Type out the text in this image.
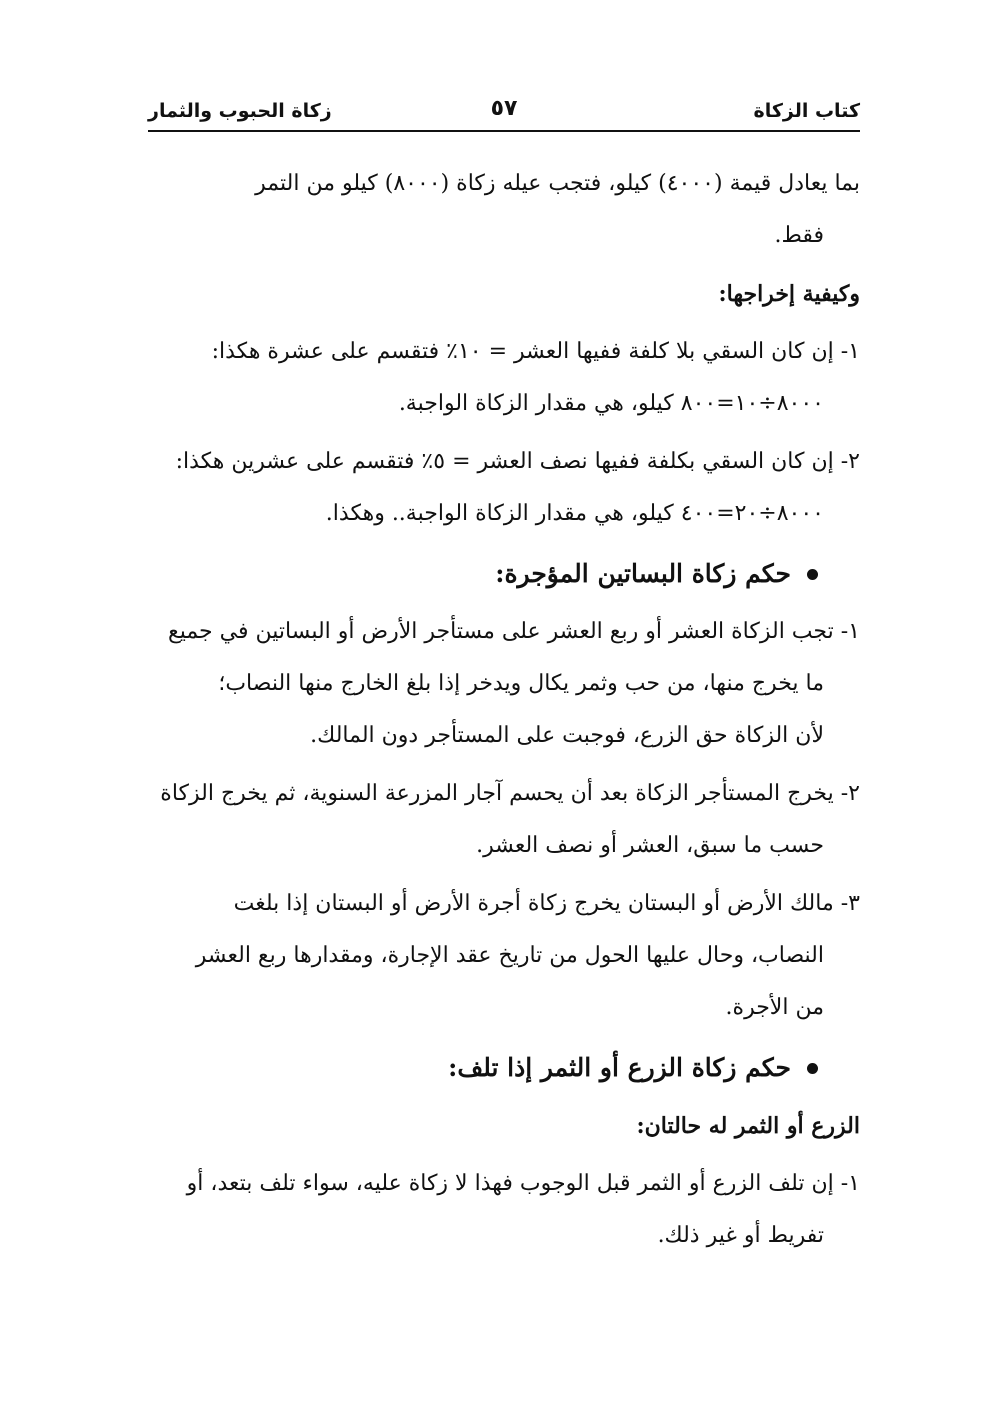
كتاب الزكاة
٥٧
زكاة الحبوب والثمار
بما يعادل قيمة (٤٠٠٠) كيلو، فتجب عيله زكاة (٨٠٠٠) كيلو من التمر
فقط.
وكيفية إخراجها:
١- إن كان السقي بلا كلفة ففيها العشر = ١٠٪ فتقسم على عشرة هكذا:
٨٠٠٠÷١٠=٨٠٠ كيلو، هي مقدار الزكاة الواجبة.
٢- إن كان السقي بكلفة ففيها نصف العشر = ٥٪ فتقسم على عشرين هكذا:
٨٠٠٠÷٢٠=٤٠٠ كيلو، هي مقدار الزكاة الواجبة.. وهكذا.
حكم زكاة البساتين المؤجرة:
١- تجب الزكاة العشر أو ربع العشر على مستأجر الأرض أو البساتين في جميع
ما يخرج منها، من حب وثمر يكال ويدخر إذا بلغ الخارج منها النصاب؛
لأن الزكاة حق الزرع، فوجبت على المستأجر دون المالك.
٢- يخرج المستأجر الزكاة بعد أن يحسم آجار المزرعة السنوية، ثم يخرج الزكاة
حسب ما سبق، العشر أو نصف العشر.
٣- مالك الأرض أو البستان يخرج زكاة أجرة الأرض أو البستان إذا بلغت
النصاب، وحال عليها الحول من تاريخ عقد الإجارة، ومقدارها ربع العشر
من الأجرة.
حكم زكاة الزرع أو الثمر إذا تلف:
الزرع أو الثمر له حالتان:
١- إن تلف الزرع أو الثمر قبل الوجوب فهذا لا زكاة عليه، سواء تلف بتعد، أو
تفريط أو غير ذلك.
